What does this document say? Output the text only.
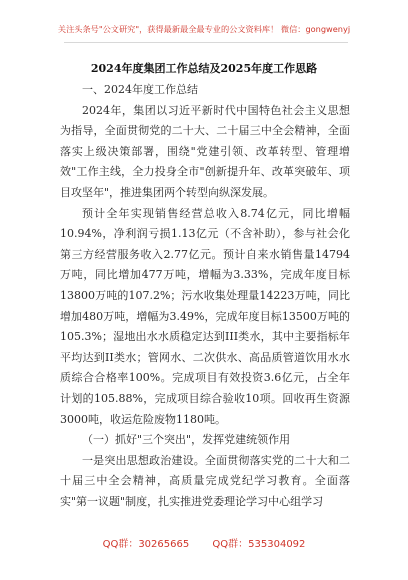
关注头条号"公文研究"，获得最新最全最专业的公文资料库！ 微信：gongwenyj
2024年度集团工作总结及2025年度工作思路

一、2024年度工作总结

2024年，集团以习近平新时代中国特色社会主义思想为指导，全面贯彻党的二十大、二十届三中全会精神，全面落实上级决策部署，围绕"党建引领、改革转型、管理增效"工作主线，全力投身全市"创新提升年、改革突破年、项目攻坚年"，推进集团两个转型向纵深发展。

预计全年实现销售经营总收入8.74亿元，同比增幅10.94%，净利润亏损1.13亿元（不含补助），参与社会化第三方经营服务收入2.77亿元。预计自来水销售量14794万吨，同比增加477万吨，增幅为3.33%，完成年度目标13800万吨的107.2%；污水收集处理量14223万吨，同比增加480万吨，增幅为3.49%，完成年度目标13500万吨的105.3%；湿地出水水质稳定达到III类水，其中主要指标年平均达到II类水；管网水、二次供水、高品质管道饮用水水质综合合格率100%。完成项目有效投资3.6亿元，占全年计划的105.88%，完成项目综合验收10项。回收再生资源3000吨，收运危险废物1180吨。

（一）抓好"三个突出"，发挥党建统领作用

一是突出思想政治建设。全面贯彻落实党的二十大和二十届三中全会精神，高质量完成党纪学习教育。全面落实"第一议题"制度，扎实推进党委理论学习中心组学习

QQ群：30265665 QQ群：535304092
